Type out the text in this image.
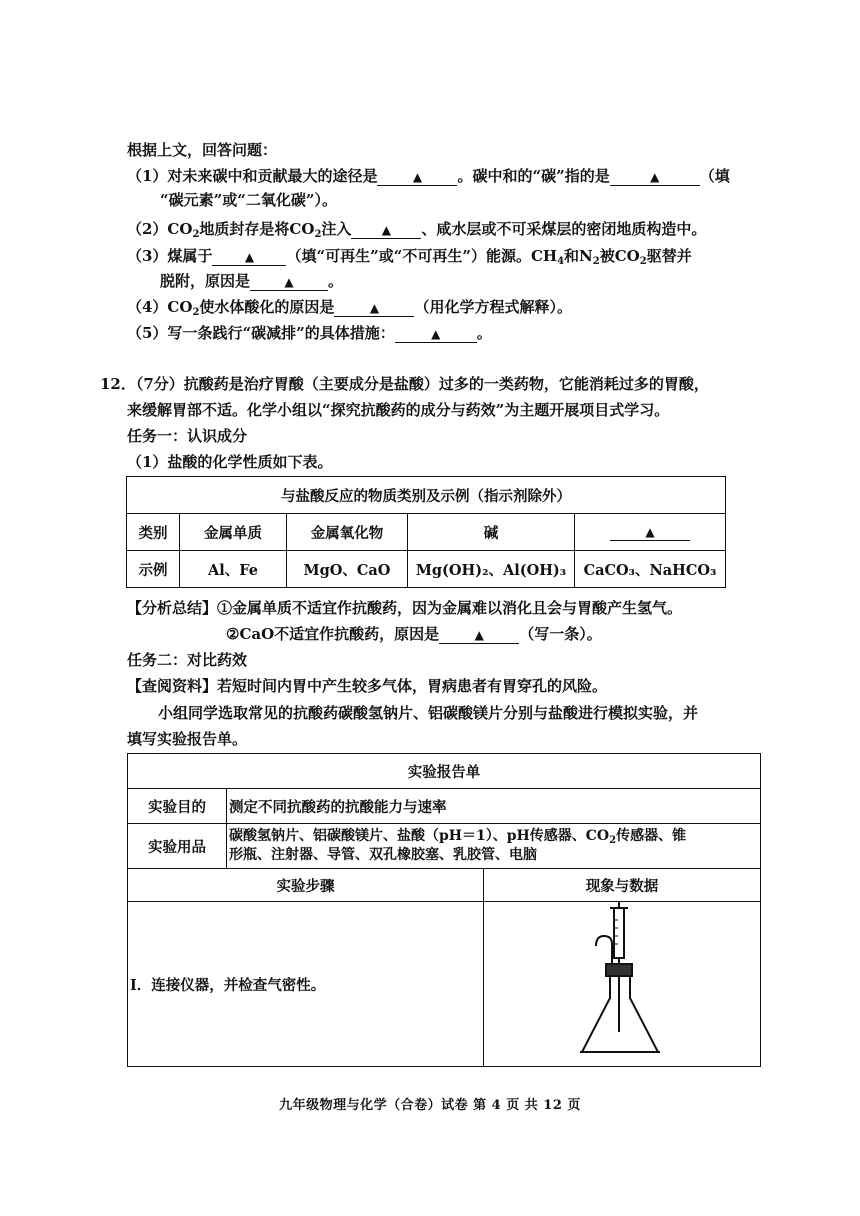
根据上文，回答问题：
（1）对未来碳中和贡献最大的途径是	▲ 。碳中和的“碳”指的是	▲	（填
“碳元素”或“二氧化碳”）。
$(2)CO_2$地质封存是将$CO_2$注入	▲ 、咸水层或不可采煤层的密闭地质构造中。
（3）煤属于	▲ （填“可再生”或“不可再生”）能源。$CH_4$和$N_2$被$CO_2$驱替并
脱附，原因是	▲ 。
$(4)CO_2$使水体酸化的原因是	▲ （用化学方程式解释）。
（5）写一条践行“碳减排”的具体措施：	▲ 。
12．（7分）抗酸药是治疗胃酸（主要成分是盐酸）过多的一类药物，它能消耗过多的胃酸，
来缓解胃部不适。化学小组以“探究抗酸药的成分与药效”为主题开展项目式学习。
任务一：认识成分
（1）盐酸的化学性质如下表。
与盐酸反应的物质类别及示例（指示剂除外）				
类别	金属单质	金属氧化物	碱	▲
示例	Al、Fe	MgO、CaO	Mg(OH)₂、Al(OH)₃	CaCO₃、NaHCO₃
【分析总结】①金属单质不适宜作抗酸药，因为金属难以消化且会与胃酸产生氢气。
②CaO不适宜作抗酸药，原因是	▲ （写一条）。
任务二：对比药效
【查阅资料】若短时间内胃中产生较多气体，胃病患者有胃穿孔的风险。
小组同学选取常见的抗酸药碳酸氢钠片、铝碳酸镁片分别与盐酸进行模拟实验，并
填写实验报告单。
实验报告单		
实验目的	测定不同抗酸药的抗酸能力与速率	
实验用品	碳酸氢钠片、铝碳酸镁片、盐酸（pH＝1）、pH传感器、$CO_2$传感器、锥
形瓶、注射器、导管、双孔橡胶塞、乳胶管、电脑	
实验步骤		现象与数据
I．连接仪器，并检查气密性。	
九年级物理与化学（合卷）试卷 第 4 页 共 12 页
